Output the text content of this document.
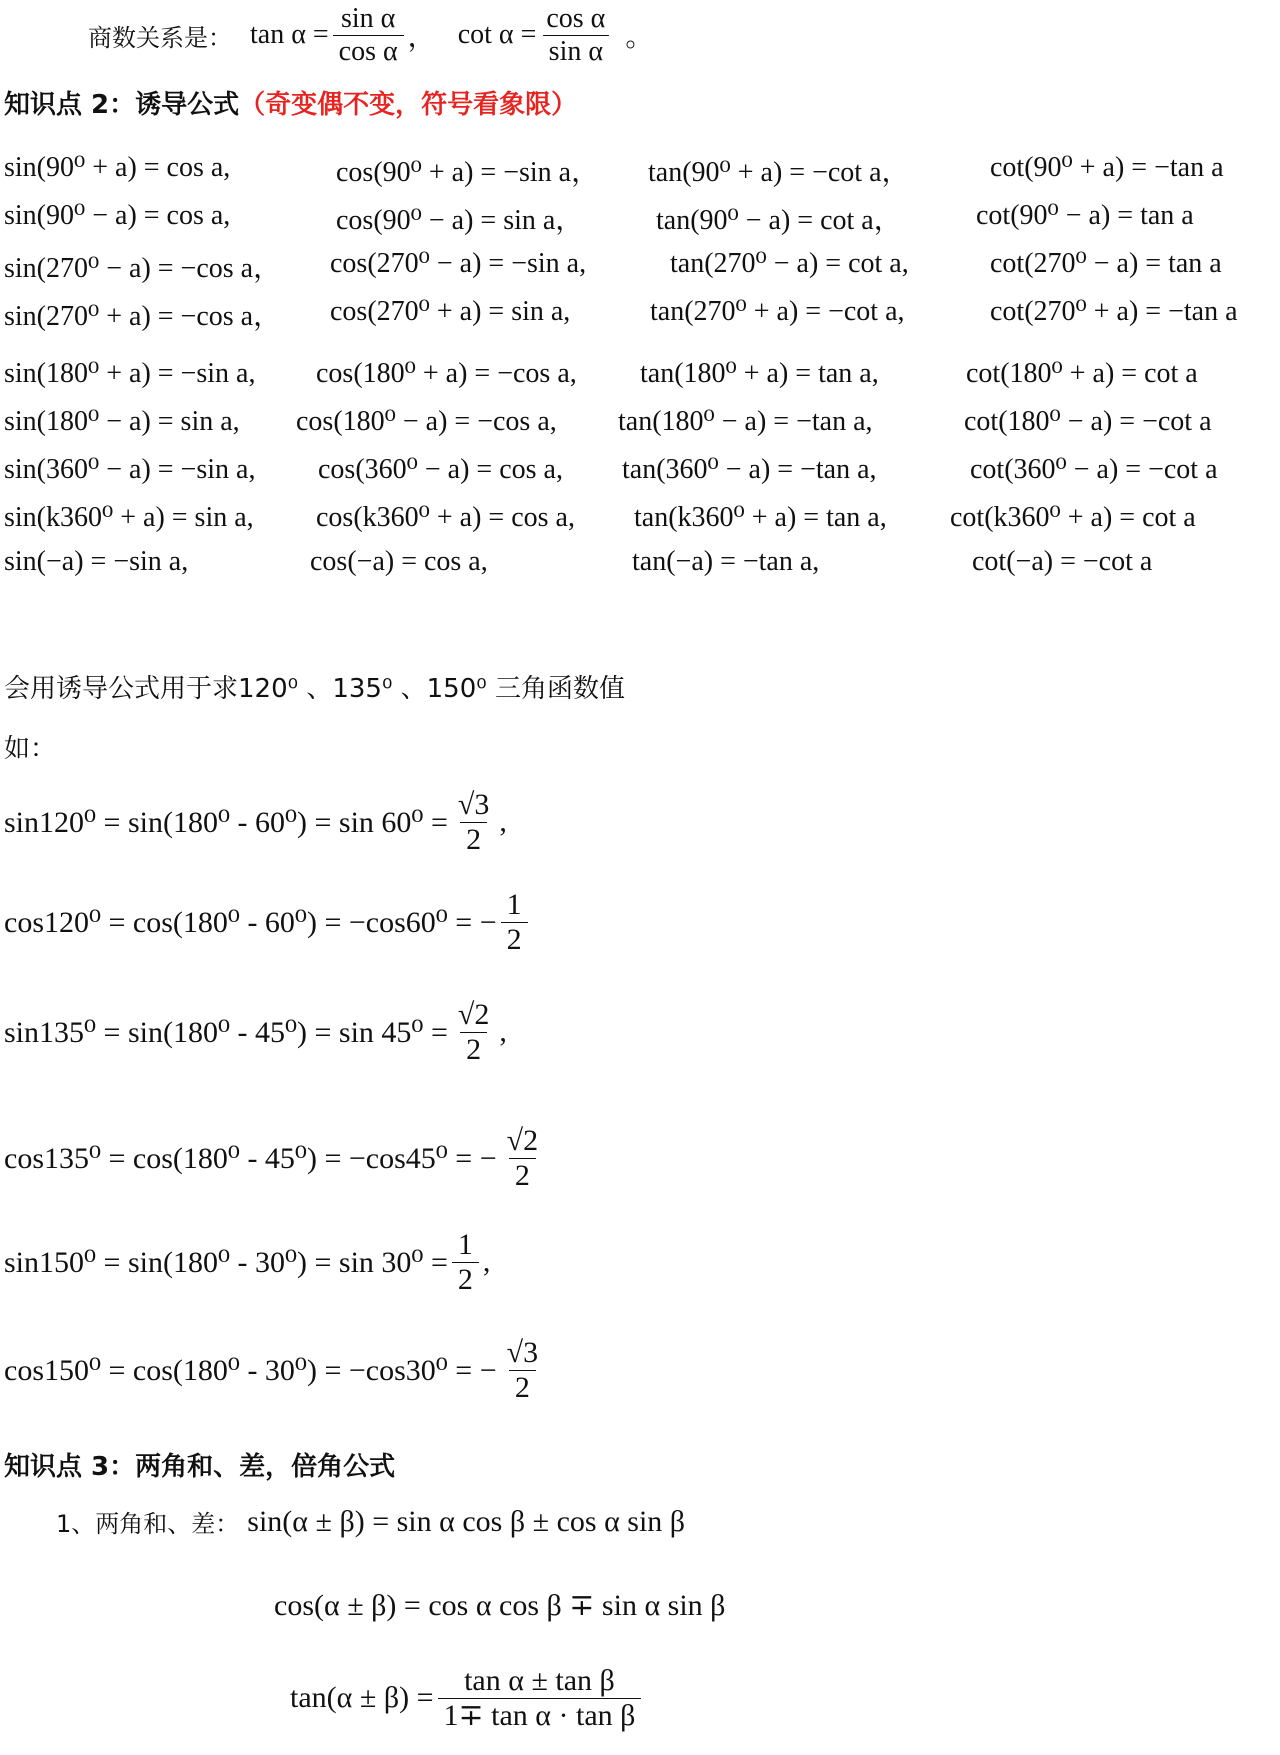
商数关系是： $\tan \alpha = \frac{\text{sin α}}{\text{cos α}}$ ， $\cot \alpha = \frac{\text{cos α}}{\text{sin α}}$ 。
知识点 2：诱导公式（奇变偶不变，符号看象限）
sin(90⁰ + a) = cos a,	cos(90⁰ + a) = −sin a， tan(90⁰ + a) = −cot a，	cot(90⁰ + a) = −tan a
sin(90⁰ − a) = cos a,	cos(90⁰ − a) = sin a，	tan(90⁰ − a) = cot a，	cot(90⁰ − a) = tan a
sin(270⁰ − a) = −cos a， cos(270⁰ − a) = −sin a,	tan(270⁰ − a) = cot a,	cot(270⁰ − a) = tan a
sin(270⁰ + a) = −cos a， cos(270⁰ + a) = sin a,	tan(270⁰ + a) = −cot a,	cot(270⁰ + a) = −tan a
sin(180⁰ + a) = −sin a, cos(180⁰ + a) = −cos a, tan(180⁰ + a) = tan a,	cot(180⁰ + a) = cot a
sin(180⁰ − a) = sin a, cos(180⁰ − a) = −cos a, tan(180⁰ − a) = −tan a,	cot(180⁰ − a) = −cot a
sin(360⁰ − a) = −sin a, cos(360⁰ − a) = cos a, tan(360⁰ − a) = −tan a,	cot(360⁰ − a) = −cot a
sin(k360⁰ + a) = sin a, cos(k360⁰ + a) = cos a, tan(k360⁰ + a) = tan a, cot(k360⁰ + a) = cot a
sin(−a) = −sin a,	cos(−a) = cos a,	tan(−a) = −tan a,	cot(−a) = −cot a
会用诱导公式用于求120⁰ 、135⁰ 、150⁰ 三角函数值
如：
$\sin 120^0 = \sin(180^0 - 60^0) = \sin 60^0 = \frac{√3}{2}$ ,
cos120⁰ = cos(180⁰ - 60⁰) = −cos60⁰ = − $\frac{1}{2}$
$\sin 135^0 = \sin(180^0 - 45^0) = \sin 45^0 = \frac{√2}{2}$ ,
cos135⁰ = cos(180⁰ - 45⁰) = −cos45⁰ = − $\frac{√2}{2}$
$\sin 150^0 = \sin(180^0 - 30^0) = \sin 30^0 = \frac{1}{2}$ ,
cos150⁰ = cos(180⁰ - 30⁰) = −cos30⁰ = − $\frac{√3}{2}$
知识点 3：两角和、差，倍角公式
1、两角和、差： sin(α ± β) = sin α cos β ± cos α sin β
cos(α ± β) = cos α cos β ∓ sin α sin β
$\tan(\alpha \pm \beta) = \frac{\text{tan α ± tan β}}{\text{1∓ tan α · tan β}}$
